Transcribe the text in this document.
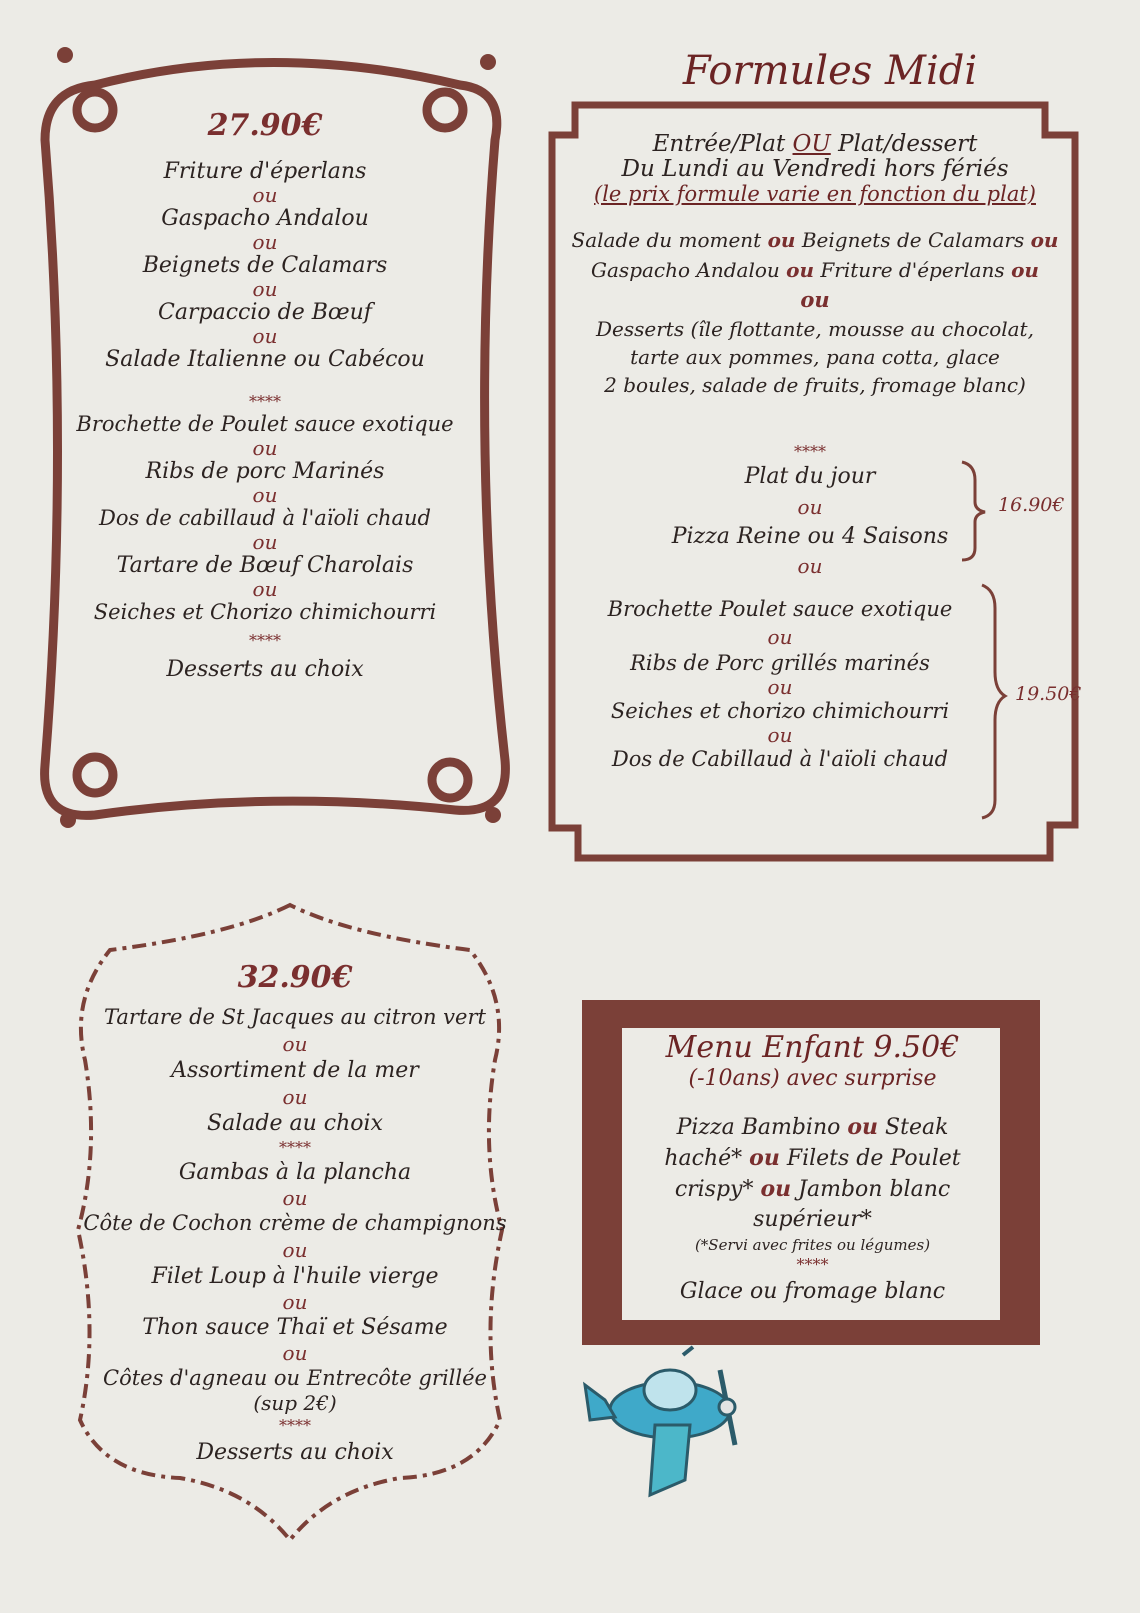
27.90€
Friture d'éperlans
ou
Gaspacho Andalou
ou
Beignets de Calamars
ou
Carpaccio de Bœuf
ou
Salade Italienne ou Cabécou
****
Brochette de Poulet sauce exotique
ou
Ribs de porc Marinés
ou
Dos de cabillaud à l'aïoli chaud
ou
Tartare de Bœuf Charolais
ou
Seiches et Chorizo chimichourri
****
Desserts au choix
Formules Midi
Entrée/Plat OU Plat/dessert
Du Lundi au Vendredi hors fériés
(le prix formule varie en fonction du plat)
Salade du moment ou Beignets de Calamars ou
Gaspacho Andalou ou Friture d'éperlans ou
ou
Desserts (île flottante, mousse au chocolat,
tarte aux pommes, pana cotta, glace
2 boules, salade de fruits, fromage blanc)
****
Plat du jour
ou
Pizza Reine ou 4 Saisons
ou
16.90€
Brochette Poulet sauce exotique
ou
Ribs de Porc grillés marinés
ou
Seiches et chorizo chimichourri
ou
Dos de Cabillaud à l'aïoli chaud
19.50€
32.90€
Tartare de St Jacques au citron vert
ou
Assortiment de la mer
ou
Salade au choix
****
Gambas à la plancha
ou
Côte de Cochon crème de champignons
ou
Filet Loup à l'huile vierge
ou
Thon sauce Thaï et Sésame
ou
Côtes d'agneau ou Entrecôte grillée
(sup 2€)
****
Desserts au choix
Menu Enfant 9.50€
(-10ans) avec surprise
Pizza Bambino ou Steak
haché* ou Filets de Poulet
crispy* ou Jambon blanc
supérieur*
(*Servi avec frites ou légumes)
****
Glace ou fromage blanc
